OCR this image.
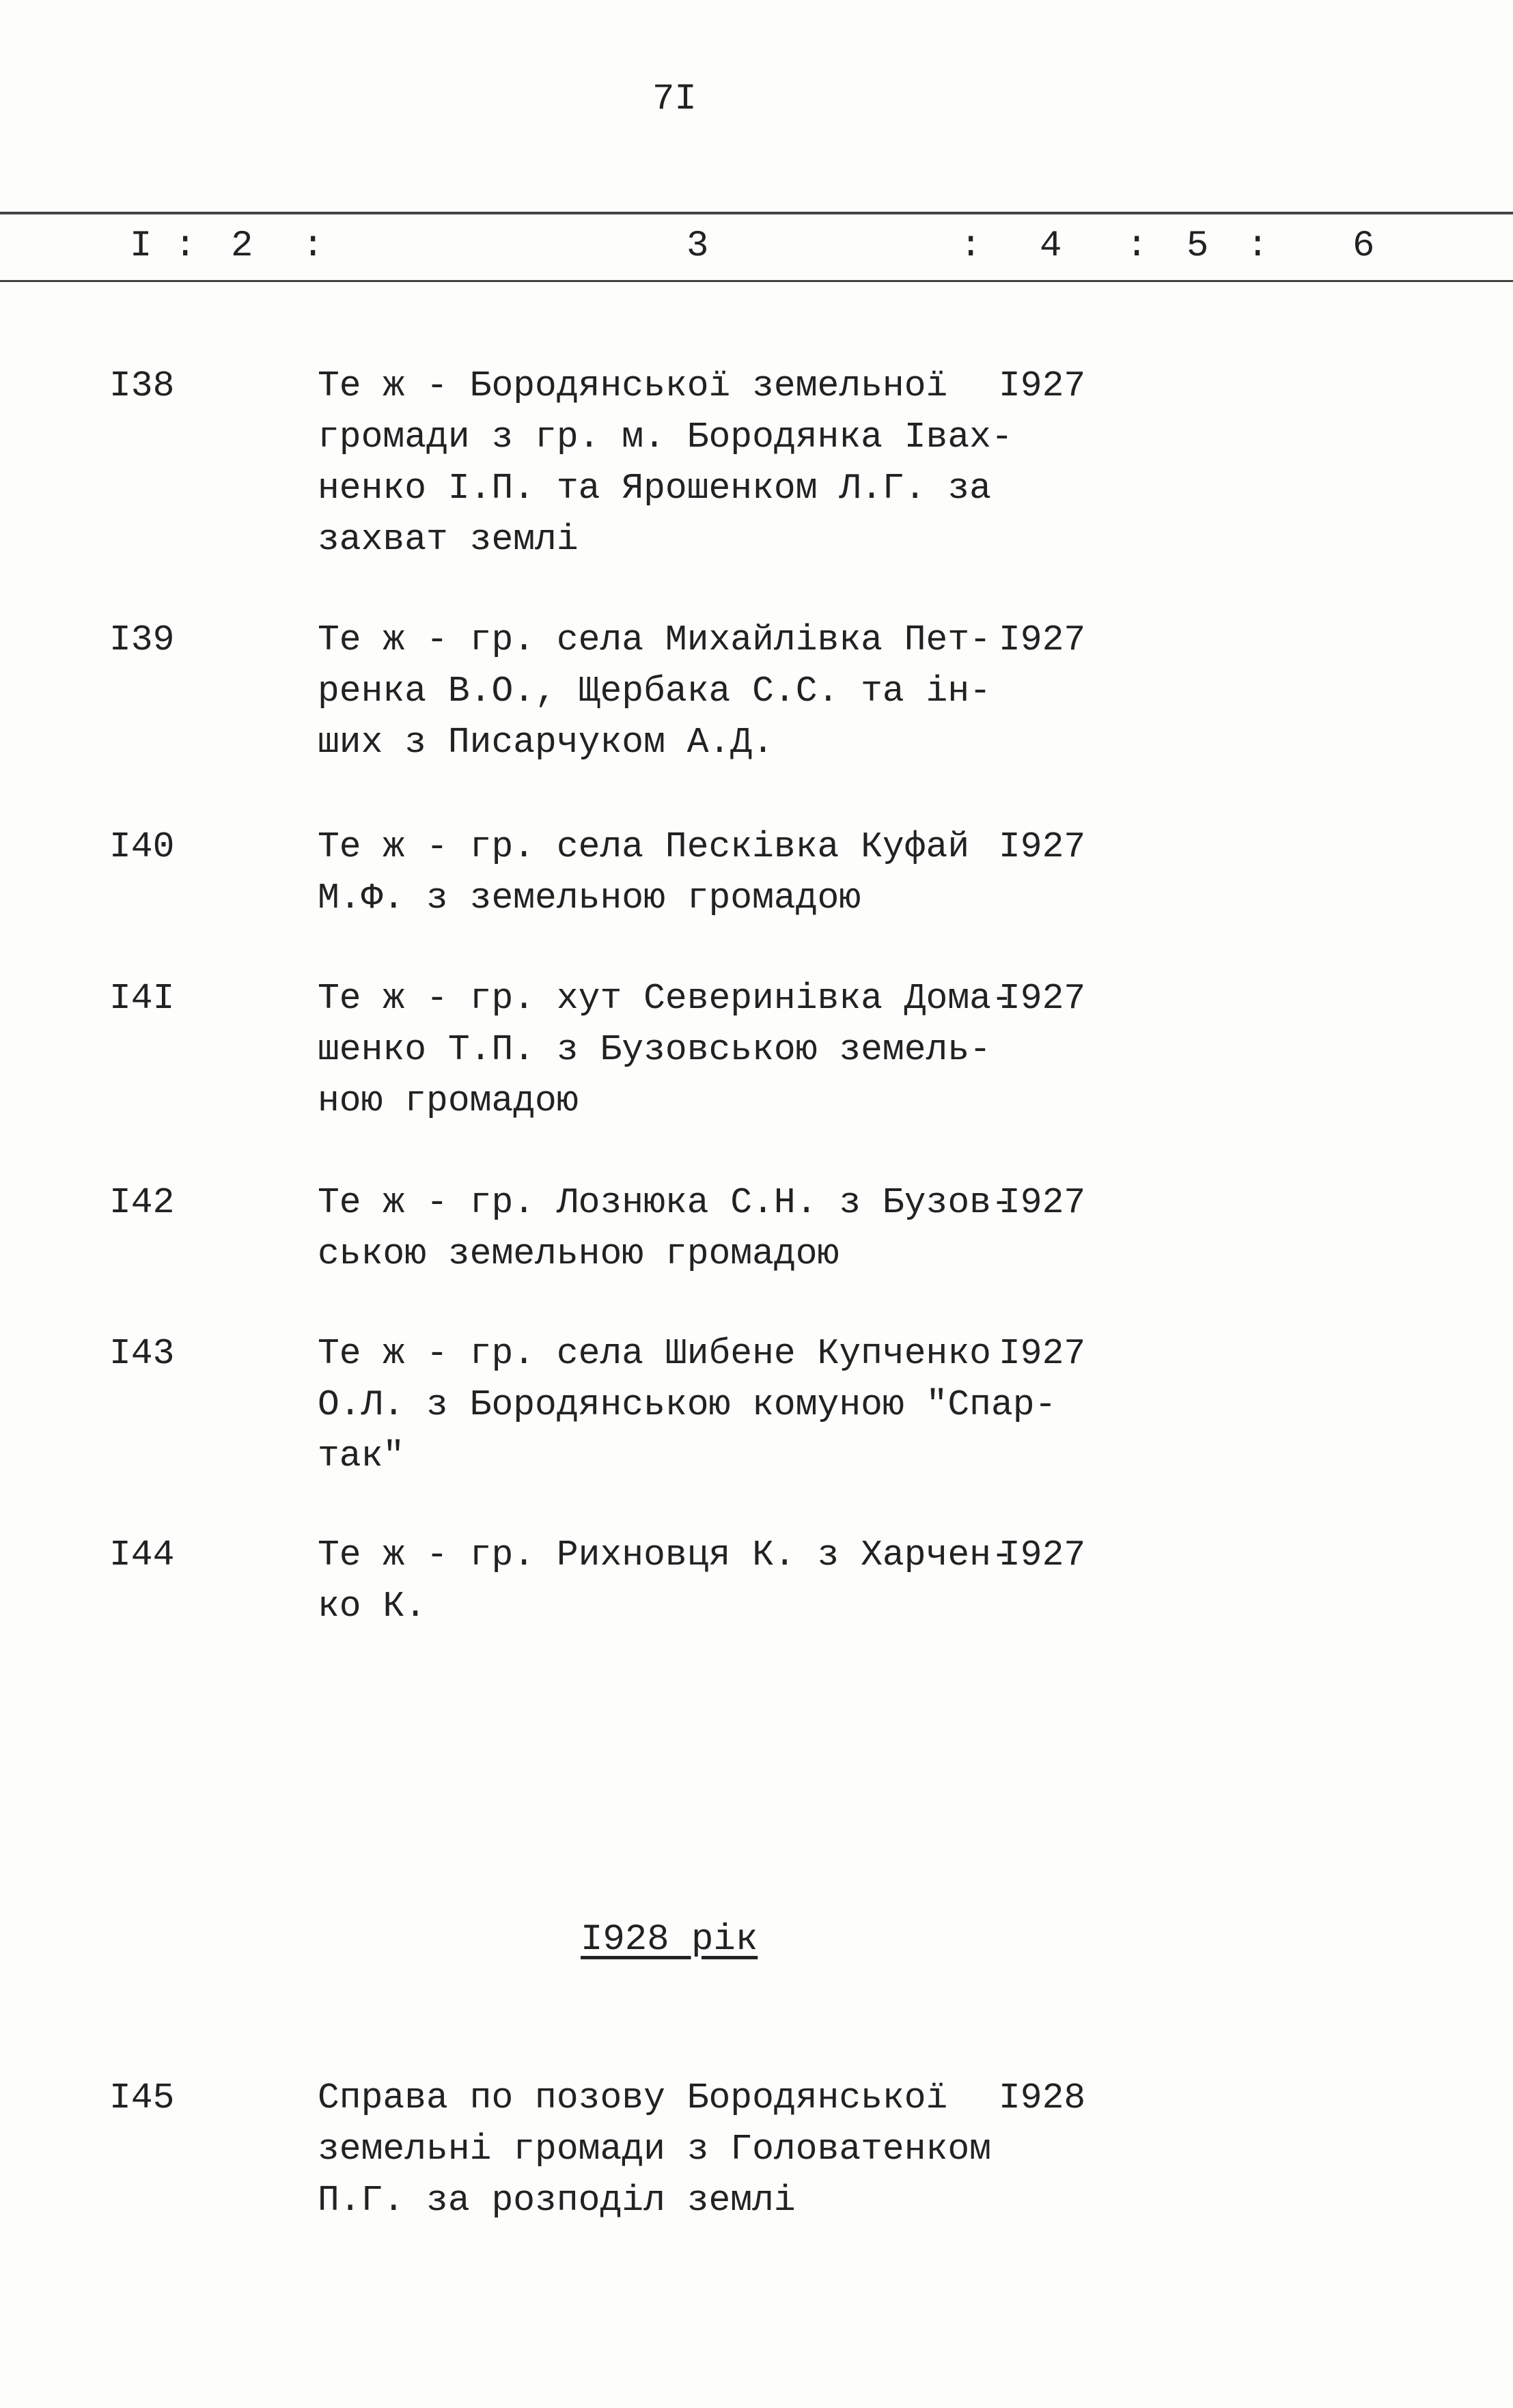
7I
I : 2 :	3	: 4 : 5 : 6
I38	Те ж - Бородянської земельної
громади з гр. м. Бородянка Івах-
ненко І.П. та Ярошенком Л.Г. за
захват землі
I927
I39	Те ж - гр. села Михайлівка Пет-
ренка В.О., Щербака С.С. та ін-
ших з Писарчуком А.Д.
I927
I40	Те ж - гр. села Песківка Куфай
М.Ф. з земельною громадою
I927
I4I	Те ж - гр. хут Северинівка Дома-
шенко Т.П. з Бузовською земель-
ною громадою
I927
I42	Те ж - гр. Лознюка С.Н. з Бузов-
ською земельною громадою
I927
I43	Те ж - гр. села Шибене Купченко
О.Л. з Бородянською комуною "Спар-
так"
I927
I44	Те ж - гр. Рихновця К. з Харчен-
ко К.
I927
I45	Справа по позову Бородянської
земельні громади з Головатенком
П.Г. за розподіл землі
I928
I928 рік
